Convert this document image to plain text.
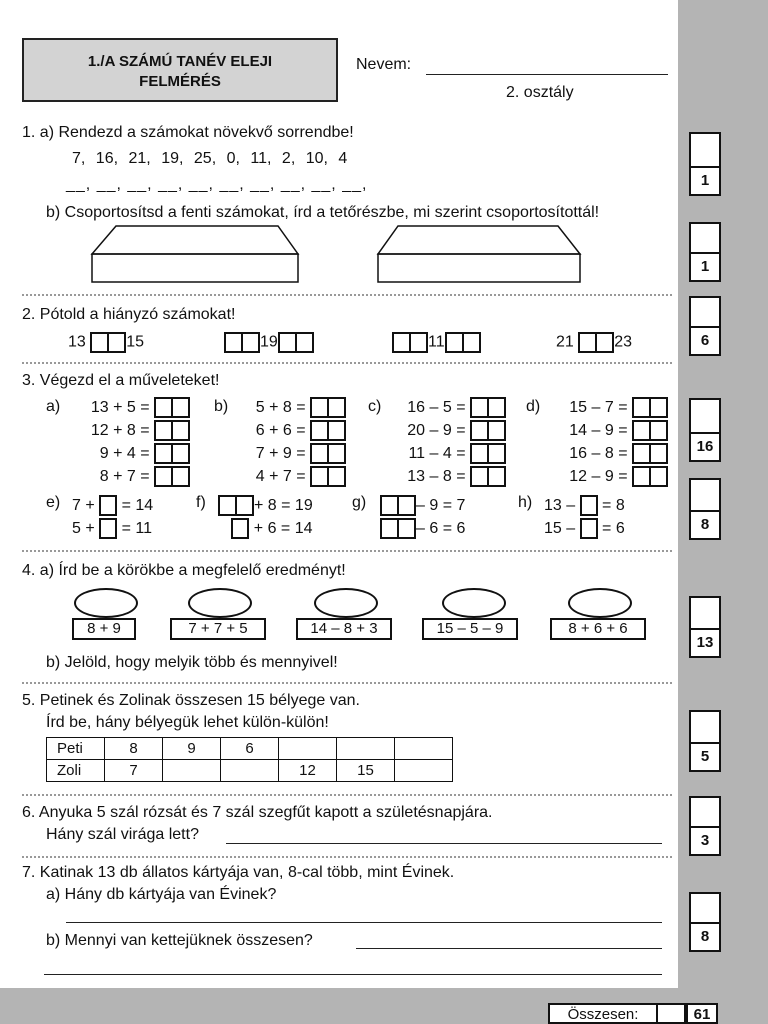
1./A SZÁMÚ TANÉV ELEJI
FELMÉRÉS
Nevem:
2. osztály
1. a) Rendezd a számokat növekvő sorrendbe!
7, 16, 21, 19, 25, 0, 11, 2, 10, 4
__, __, __, __, __, __, __, __, __, __,
b) Csoportosítsd a fenti számokat, írd a tetőrészbe, mi szerint csoportosítottál!
2. Pótold a hiányzó számokat!
13	15	19	11	21	23
3. Végezd el a műveleteket!
a)	b)	c)	d)
13 + 5 =
12 + 8 =
9 + 4 =
8 + 7 =
5 + 8 =
6 + 6 =
7 + 9 =
4 + 7 =
16 – 5 =
20 – 9 =
11 – 4 =
13 – 8 =
15 – 7 =
14 – 9 =
16 – 8 =
12 – 9 =
e) 7 + = 14
5 + = 11
f)	+ 8 = 19
+ 6 = 14
g)	– 9 = 7
– 6 = 6
h) 13 – = 8
15 – = 6
4. a) Írd be a körökbe a megfelelő eredményt!
8 + 9	7 + 7 + 5	14 – 8 + 3	15 – 5 – 9	8 + 6 + 6
b) Jelöld, hogy melyik több és mennyivel!
5. Petinek és Zolinak összesen 15 bélyege van.
Írd be, hány bélyegük lehet külön-külön!
Peti	8	9	6			
Zoli	7			12	15	
6. Anyuka 5 szál rózsát és 7 szál szegfűt kapott a születésnapjára.
Hány szál virága lett?
7. Katinak 13 db állatos kártyája van, 8-cal több, mint Évinek.
a) Hány db kártyája van Évinek?
b) Mennyi van kettejüknek összesen?
1
1
6
16
8
13
5
3
8
Összesen:	61
